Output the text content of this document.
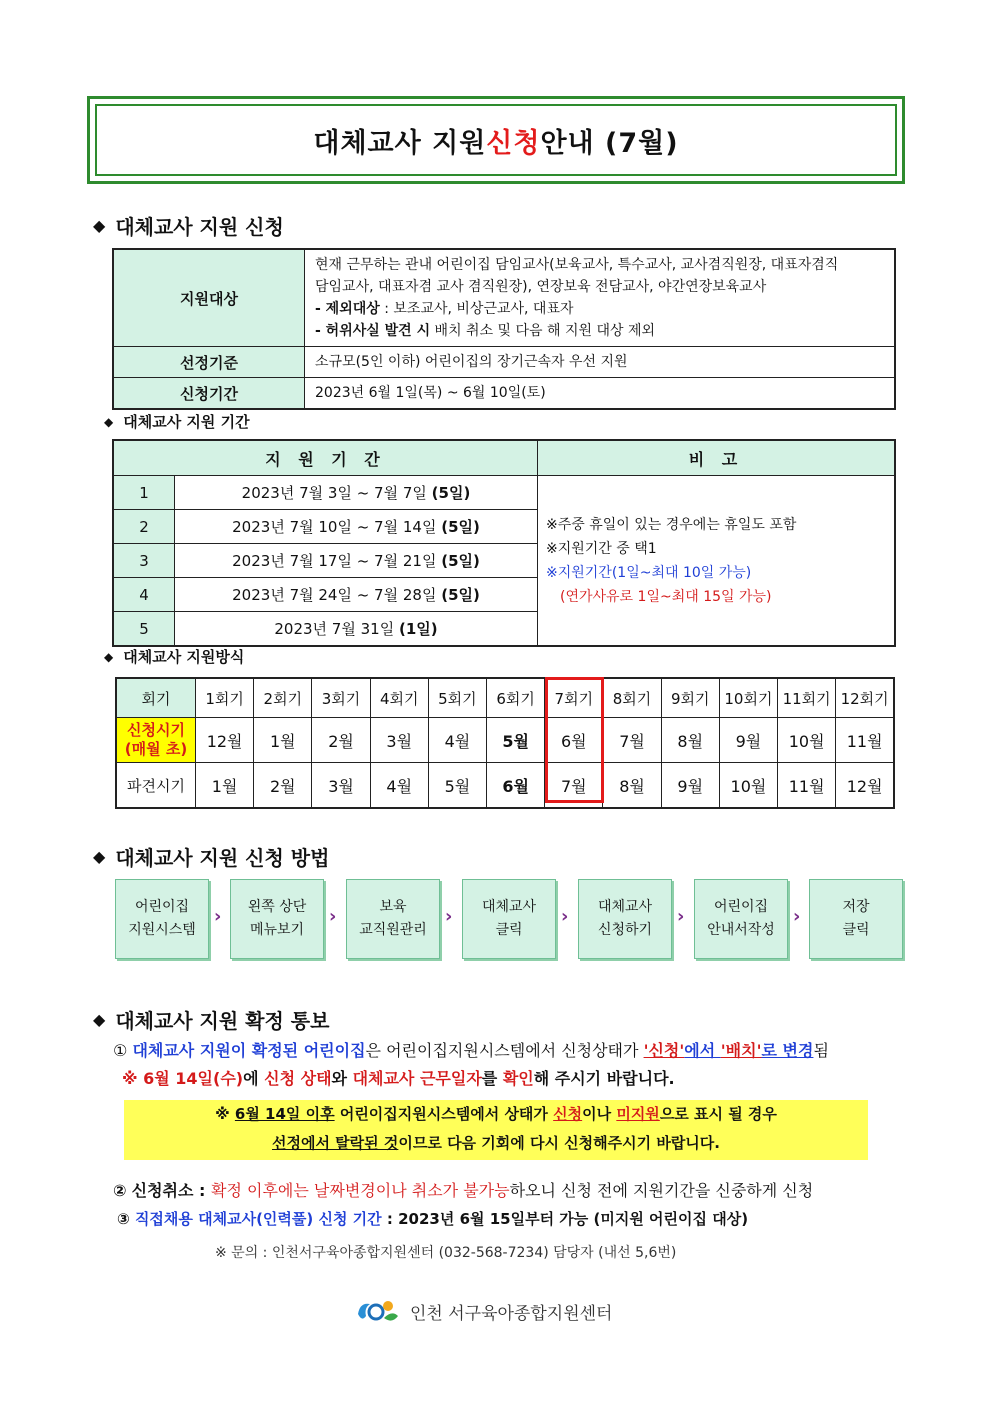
대체교사 지원 신청 안내 (7월)
◆ 대체교사 지원 신청
지원대상	현재 근무하는 관내 어린이집 담임교사(보육교사, 특수교사, 교사겸직원장, 대표자겸직
담임교사, 대표자겸 교사 겸직원장), 연장보육 전담교사, 야간연장보육교사
- 제외대상 : 보조교사, 비상근교사, 대표자
- 허위사실 발견 시 배치 취소 및 다음 해 지원 대상 제외

선정기준	소규모(5인 이하) 어린이집의 장기근속자 우선 지원
신청기간	2023년 6월 1일(목) ~ 6월 10일(토)
◆ 대체교사 지원 기간
지 원 기 간		비 고
1	2023년 7월 3일 ~ 7월 7일 (5일)	※주중 휴일이 있는 경우에는 휴일도 포함
※지원기간 중 택1
※지원기간(1일~최대 10일 가능)
(연가사유로 1일~최대 15일 가능)

2	2023년 7월 10일 ~ 7월 14일 (5일)	
3	2023년 7월 17일 ~ 7월 21일 (5일)	
4	2023년 7월 24일 ~ 7월 28일 (5일)	
5	2023년 7월 31일 (1일)	
◆ 대체교사 지원방식
회기	1회기	2회기	3회기	4회기	5회기	6회기	7회기	8회기	9회기	10회기	11회기	12회기

신청시기
(매월 초)	12월	1월	2월	3월	4월	5월	6월	7월	8월	9월	10월	11월
파견시기	1월	2월	3월	4월	5월	6월	7월	8월	9월	10월	11월	12월
◆ 대체교사 지원 신청 방법
어린이집
지원시스템
›	왼쪽 상단
메뉴보기
›	보육
교직원관리
›	대체교사
클릭
›	대체교사
신청하기
›	어린이집
안내서작성
›	저장
클릭
◆ 대체교사 지원 확정 통보
① 대체교사 지원이 확정된 어린이집은 어린이집지원시스템에서 신청상태가 '신청'에서 '배치'로 변경됨
※ 6월 14일(수)에 신청 상태와 대체교사 근무일자를 확인해 주시기 바랍니다.
※ 6월 14일 이후 어린이집지원시스템에서 상태가 신청이나 미지원으로 표시 될 경우
선정에서 탈락된 것이므로 다음 기회에 다시 신청해주시기 바랍니다.
② 신청취소 : 확정 이후에는 날짜변경이나 취소가 불가능하오니 신청 전에 지원기간을 신중하게 신청
③ 직접채용 대체교사(인력풀) 신청 기간 : 2023년 6월 15일부터 가능 (미지원 어린이집 대상)
※ 문의 : 인천서구육아종합지원센터 (032-568-7234) 담당자 (내선 5,6번)
인천 서구육아종합지원센터
